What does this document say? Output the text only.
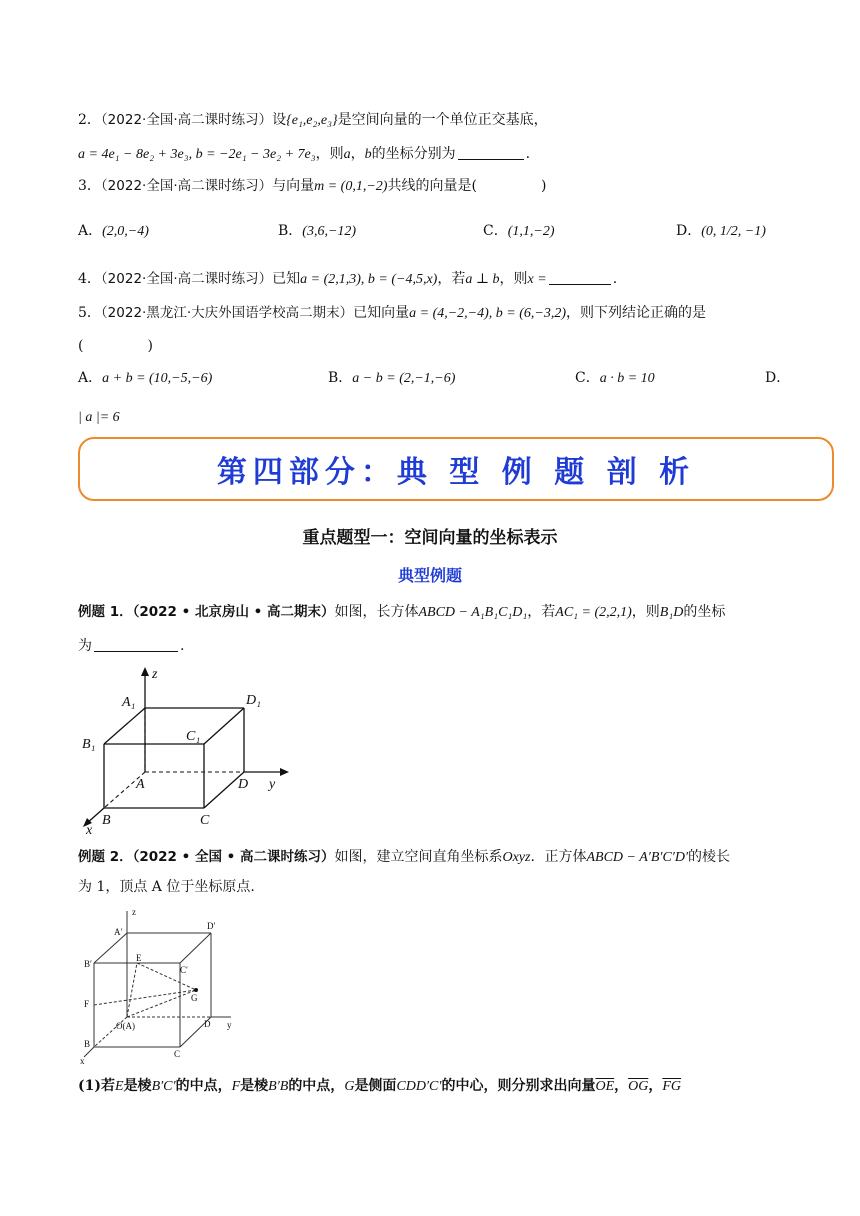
2．（2022·全国·高二课时练习）设{e₁,e₂,e₃}是空间向量的一个单位正交基底，
a = 4e₁ − 8e₂ + 3e₃, b = −2e₁ − 3e₂ + 7e₃，则a，b的坐标分别为	.
3．（2022·全国·高二课时练习）与向量m = (0,1,−2)共线的向量是(	)
A．(2,0,−4)	B．(3,6,−12)	C．(1,1,−2)	D．(0, 1/2, −1)
4．（2022·全国·高二课时练习）已知a = (2,1,3), b = (−4,5,x)，若a ⊥ b，则x =	.
5．（2022·黑龙江·大庆外国语学校高二期末）已知向量a = (4,−2,−4), b = (6,−3,2)，则下列结论正确的是
(	)
A．a + b = (10,−5,−6)	B．a − b = (2,−1,−6)	C．a · b = 10	D．
| a |= 6
第四部分：典 型 例 题 剖 析
重点题型一：空间向量的坐标表示
典型例题
例题 1．（2022 • 北京房山 • 高二期末）如图，长方体ABCD − A₁B₁C₁D₁，若AC₁ = (2,2,1)，则B₁D的坐标
为	.
z
y
x
A₁	D₁
B₁
C₁
A	D
B	C
例题 2．（2022 • 全国 • 高二课时练习）如图，建立空间直角坐标系Oxyz．正方体ABCD − A′B′C′D′的棱长
为 1，顶点 A 位于坐标原点.
z
y
x
A′
D′
B′
C′
E
F
G
O(A)	D
B
C
(1)若E是棱B′C′的中点，F是棱B′B的中点，G是侧面CDD′C′的中心，则分别求出向量$\overline{OE}$，$\overline{OG}$，$\overline{FG}$
